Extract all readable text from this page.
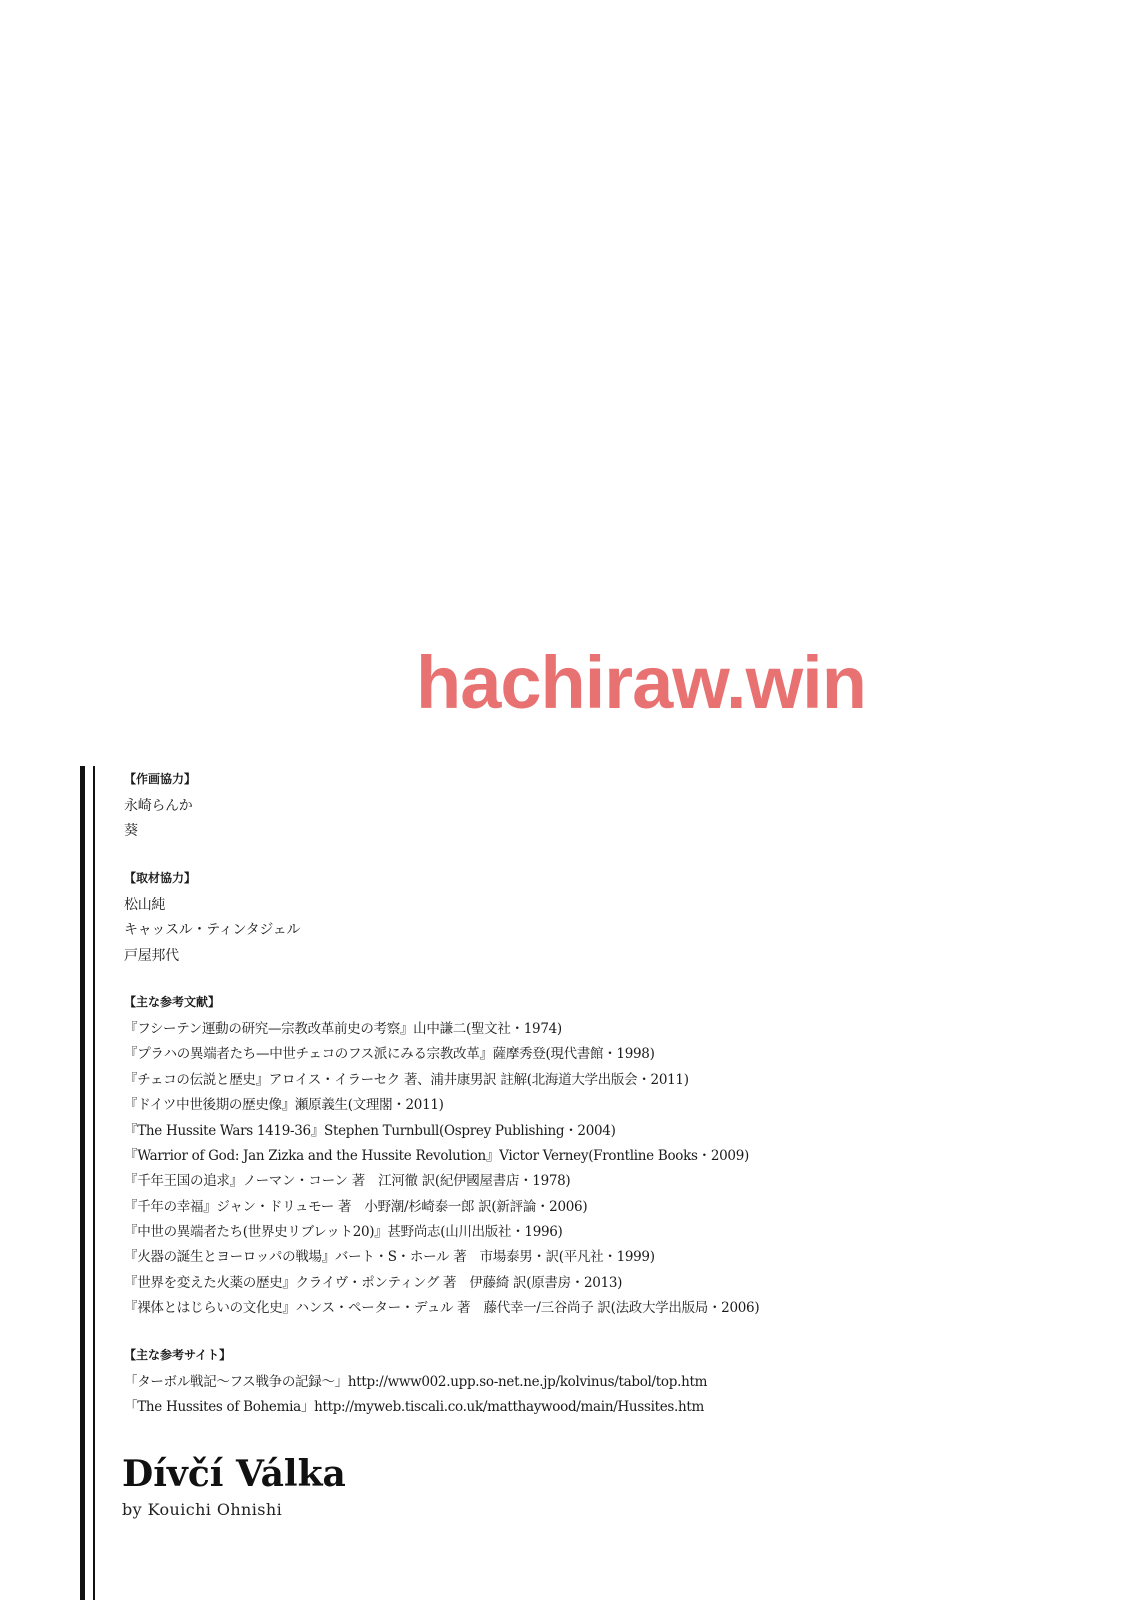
hachiraw.win
【作画協力】
永崎らんか
葵
【取材協力】
松山純
キャッスル・ティンタジェル
戸屋邦代
【主な参考文献】
『フシーテン運動の研究—宗教改革前史の考察』山中謙二(聖文社・1974)
『プラハの異端者たち—中世チェコのフス派にみる宗教改革』薩摩秀登(現代書館・1998)
『チェコの伝説と歴史』アロイス・イラーセク 著、浦井康男訳 註解(北海道大学出版会・2011)
『ドイツ中世後期の歴史像』瀬原義生(文理閣・2011)
『The Hussite Wars 1419-36』Stephen Turnbull(Osprey Publishing・2004)
『Warrior of God: Jan Zizka and the Hussite Revolution』Victor Verney(Frontline Books・2009)
『千年王国の追求』ノーマン・コーン 著　江河徹 訳(紀伊國屋書店・1978)
『千年の幸福』ジャン・ドリュモー 著　小野潮/杉崎泰一郎 訳(新評論・2006)
『中世の異端者たち(世界史リブレット20)』甚野尚志(山川出版社・1996)
『火器の誕生とヨーロッパの戦場』バート・S・ホール 著　市場泰男・訳(平凡社・1999)
『世界を変えた火薬の歴史』クライヴ・ポンティング 著　伊藤綺 訳(原書房・2013)
『裸体とはじらいの文化史』ハンス・ペーター・デュル 著　藤代幸一/三谷尚子 訳(法政大学出版局・2006)
【主な参考サイト】
「ターボル戦記〜フス戦争の記録〜」http://www002.upp.so-net.ne.jp/kolvinus/tabol/top.htm
「The Hussites of Bohemia」http://myweb.tiscali.co.uk/matthaywood/main/Hussites.htm
Dívčí Válka
by Kouichi Ohnishi
